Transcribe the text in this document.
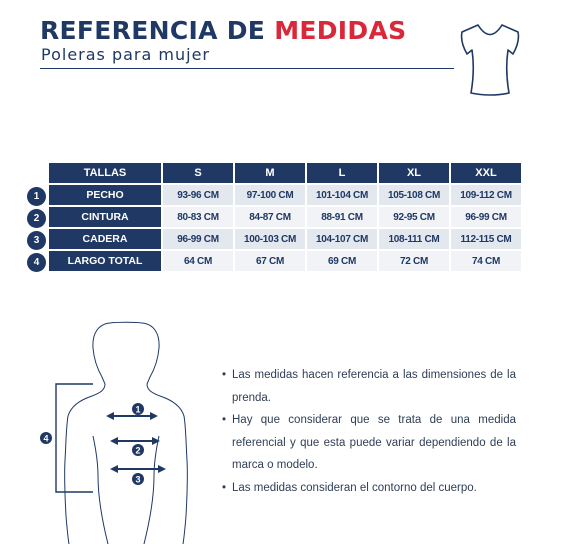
REFERENCIA DE MEDIDAS
Poleras para mujer
TALLAS	S	M	L	XL	XXL
PECHO	93-96 CM	97-100 CM	101-104 CM	105-108 CM	109-112 CM
CINTURA	80-83 CM	84-87 CM	88-91 CM	92-95 CM	96-99 CM
CADERA	96-99 CM	100-103 CM	104-107 CM	108-111 CM	112-115 CM
LARGO TOTAL	64 CM	67 CM	69 CM	72 CM	74 CM
1
2
3
4
1
2
3
4
• Las medidas hacen referencia a las dimensiones de la prenda.
• Hay que considerar que se trata de una medida referencial y que esta puede variar dependiendo de la marca o modelo.
• Las medidas consideran el contorno del cuerpo.
